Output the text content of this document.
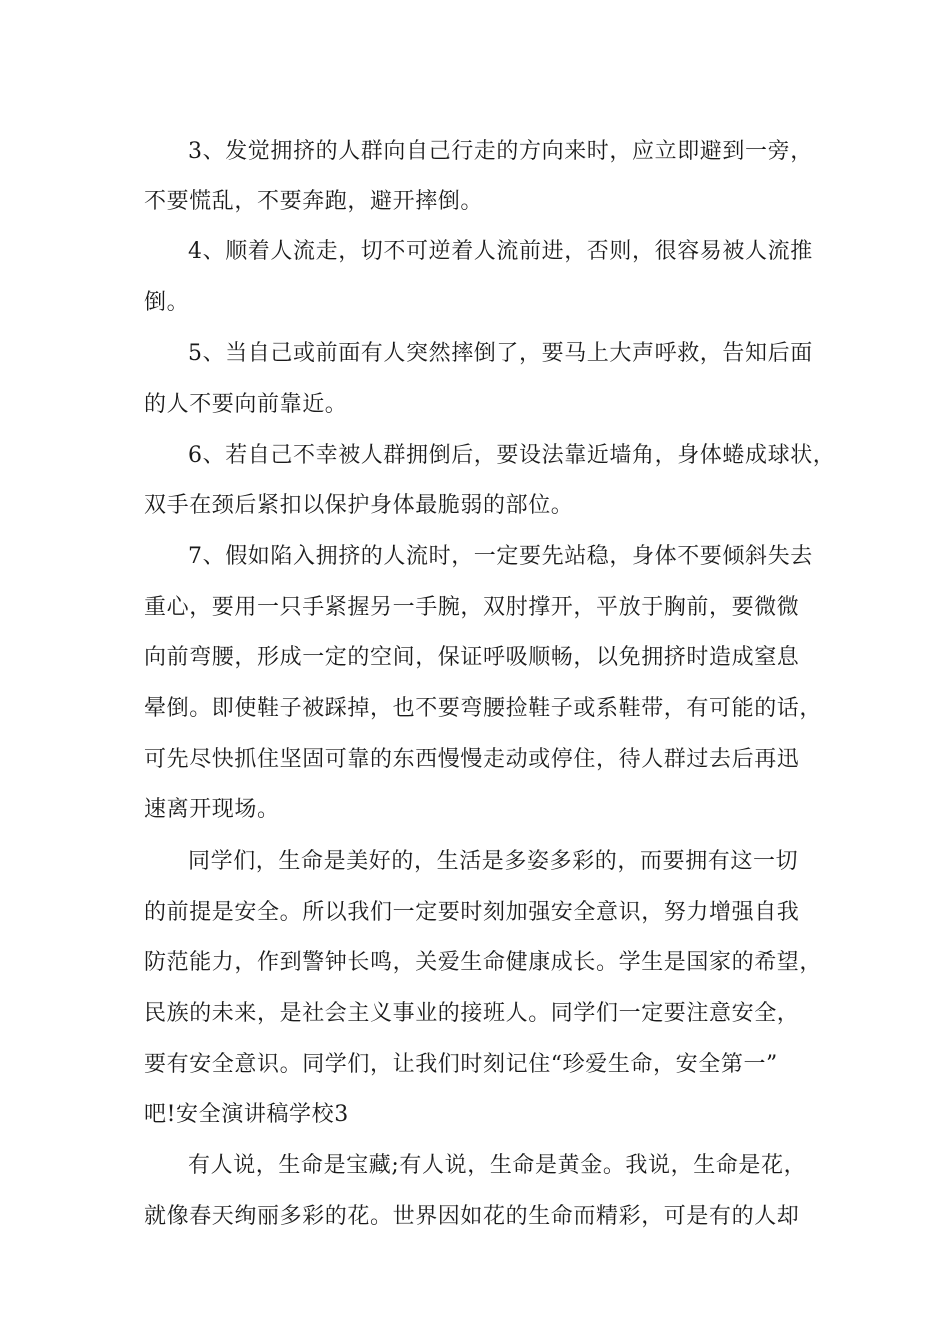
3、发觉拥挤的人群向自己行走的方向来时，应立即避到一旁，
不要慌乱，不要奔跑，避开摔倒。
4、顺着人流走，切不可逆着人流前进，否则，很容易被人流推
倒。
5、当自己或前面有人突然摔倒了，要马上大声呼救，告知后面
的人不要向前靠近。
6、若自己不幸被人群拥倒后，要设法靠近墙角，身体蜷成球状，
双手在颈后紧扣以保护身体最脆弱的部位。
7、假如陷入拥挤的人流时，一定要先站稳，身体不要倾斜失去
重心，要用一只手紧握另一手腕，双肘撑开，平放于胸前，要微微
向前弯腰，形成一定的空间，保证呼吸顺畅，以免拥挤时造成窒息
晕倒。即使鞋子被踩掉，也不要弯腰捡鞋子或系鞋带，有可能的话，
可先尽快抓住坚固可靠的东西慢慢走动或停住，待人群过去后再迅
速离开现场。
同学们，生命是美好的，生活是多姿多彩的，而要拥有这一切
的前提是安全。所以我们一定要时刻加强安全意识，努力增强自我
防范能力，作到警钟长鸣，关爱生命健康成长。学生是国家的希望，
民族的未来，是社会主义事业的接班人。同学们一定要注意安全，
要有安全意识。同学们，让我们时刻记住“珍爱生命，安全第一”
吧!安全演讲稿学校3
有人说，生命是宝藏;有人说，生命是黄金。我说，生命是花，
就像春天绚丽多彩的花。世界因如花的生命而精彩，可是有的人却
